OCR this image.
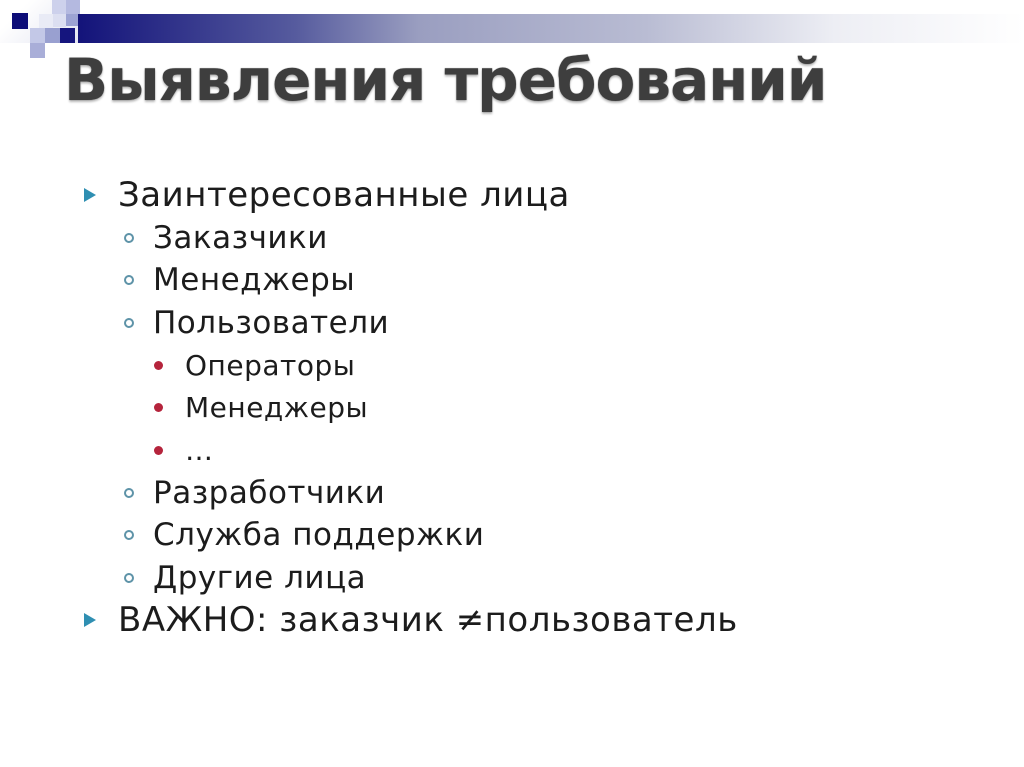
Выявления требований
Заинтересованные лица
Заказчики
Менеджеры
Пользователи
Операторы
Менеджеры
…
Разработчики
Служба поддержки
Другие лица
ВАЖНО: заказчик ≠пользователь
